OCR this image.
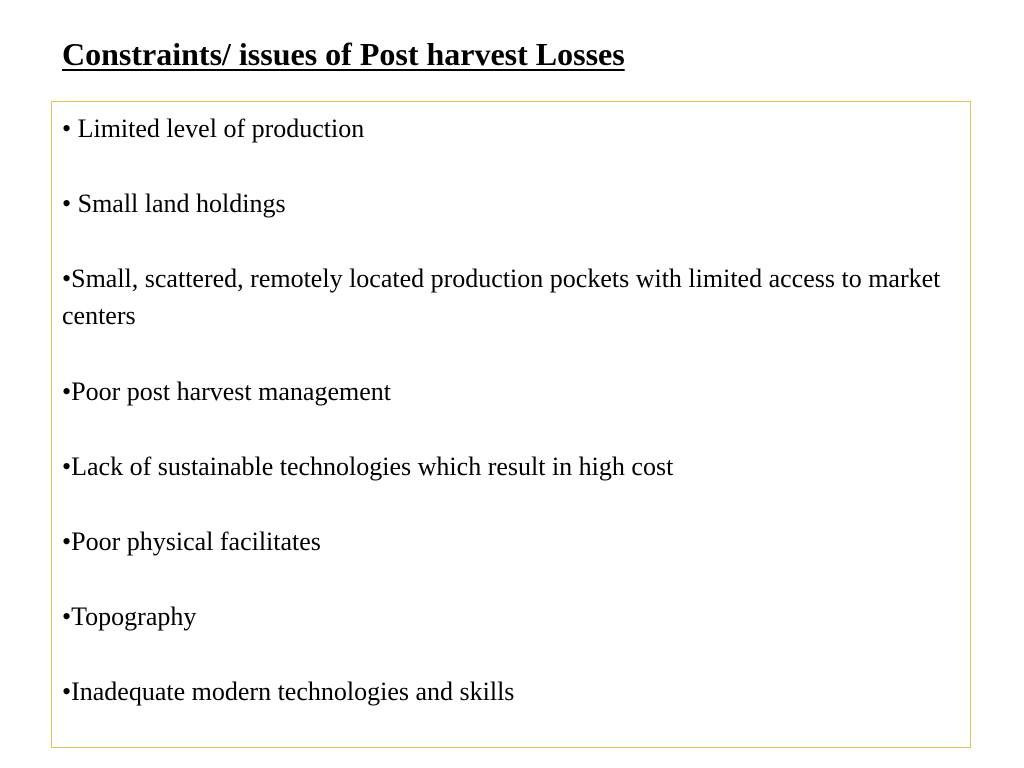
Constraints/ issues of Post harvest Losses
• Limited level of production
• Small land holdings
•Small, scattered, remotely located production pockets with limited access to market centers
•Poor post harvest management
•Lack of sustainable technologies which result in high cost
•Poor physical facilitates
•Topography
•Inadequate modern technologies and skills
